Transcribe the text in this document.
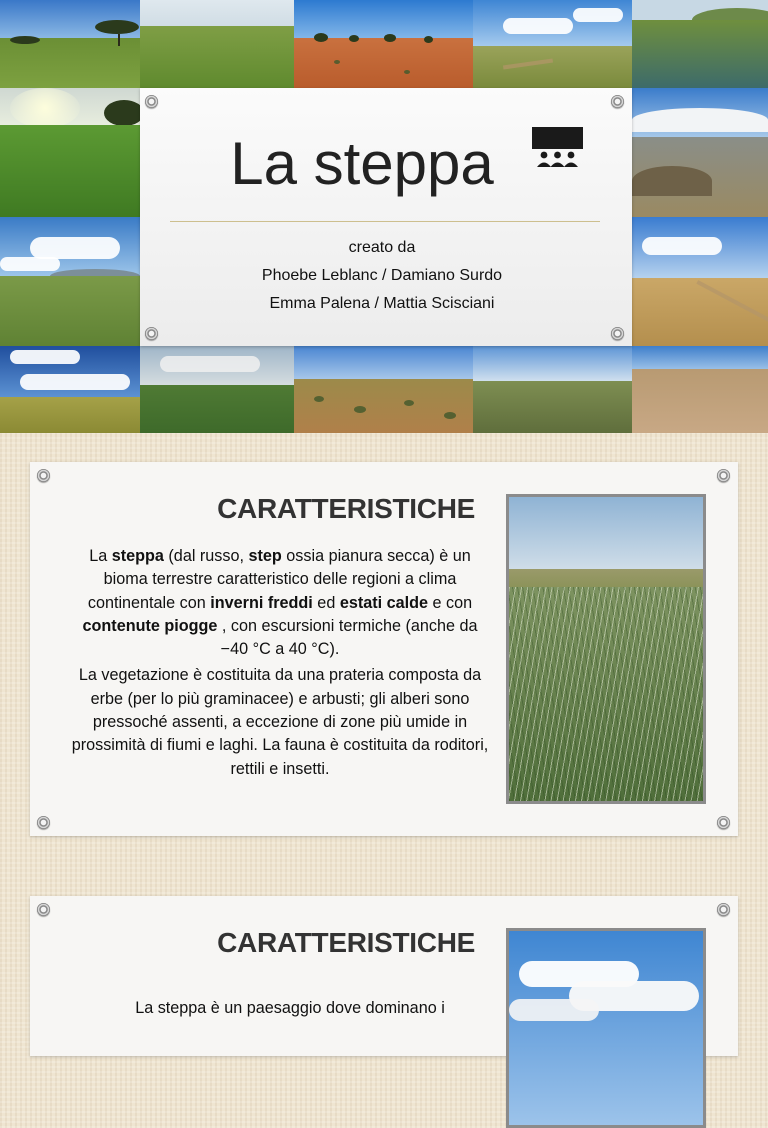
La steppa
creato da
Phoebe Leblanc / Damiano Surdo
Emma Palena / Mattia Scisciani
CARATTERISTICHE

La steppa (dal russo, step ossia pianura secca) è un bioma terrestre caratteristico delle regioni a clima continentale con inverni freddi ed estati calde e con contenute piogge , con escursioni termiche (anche da −40 °C a 40 °C).

La vegetazione è costituita da una prateria composta da erbe (per lo più graminacee) e arbusti; gli alberi sono pressoché assenti, a eccezione di zone più umide in prossimità di fiumi e laghi. La fauna è costituita da roditori, rettili e insetti.

CARATTERISTICHE

La steppa è un paesaggio dove dominano i
